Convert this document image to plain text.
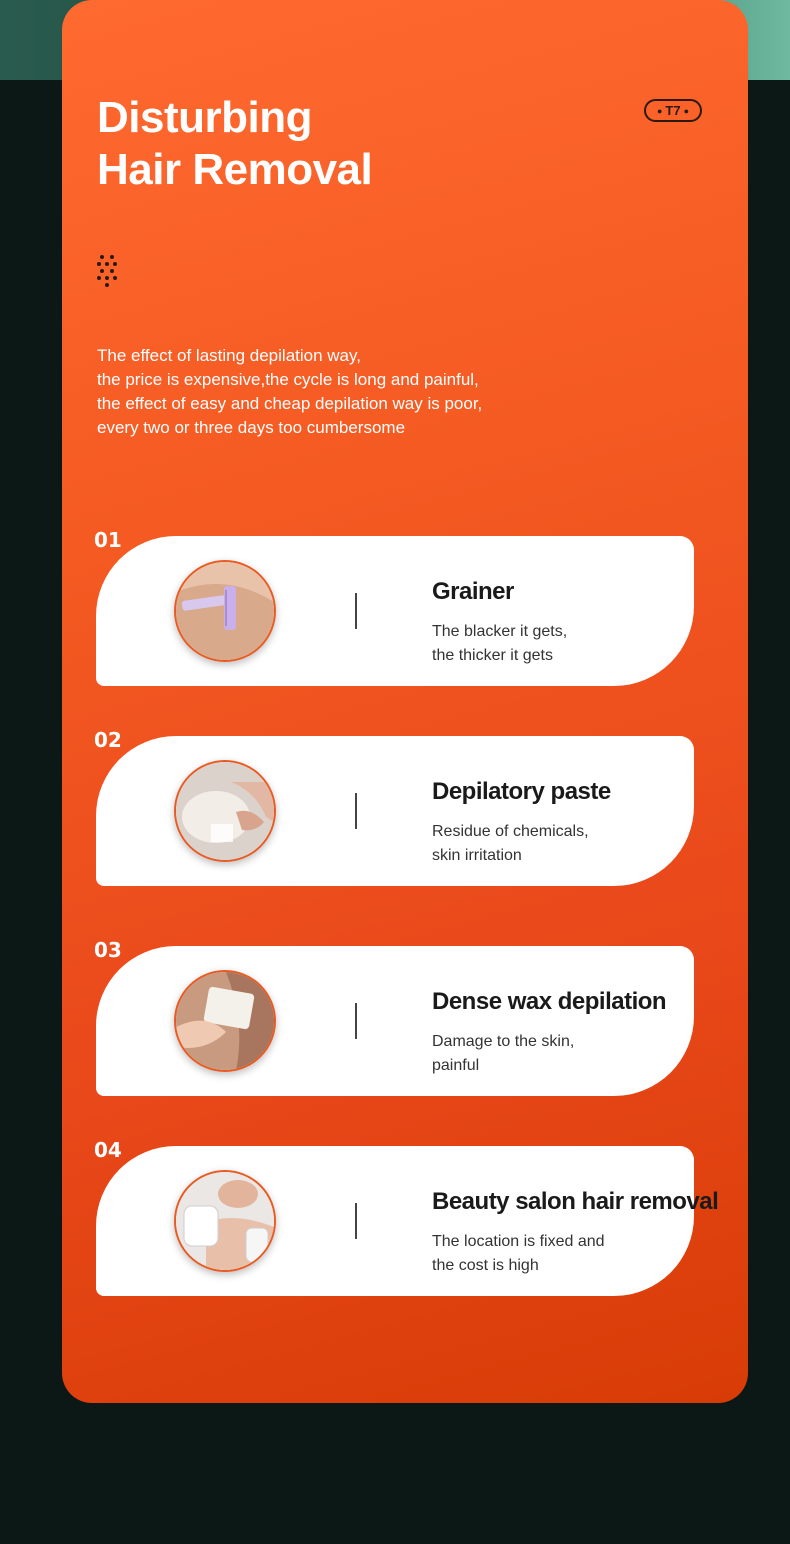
Disturbing
Hair Removal
● T7 ●
The effect of lasting depilation way,
the price is expensive,the cycle is long and painful,
the effect of easy and cheap depilation way is poor,
every two or three days too cumbersome
01
Grainer
The blacker it gets,
the thicker it gets
02
Depilatory paste
Residue of chemicals,
skin irritation
03
Dense wax depilation
Damage to the skin,
painful
04
Beauty salon hair removal
The location is fixed and
the cost is high
